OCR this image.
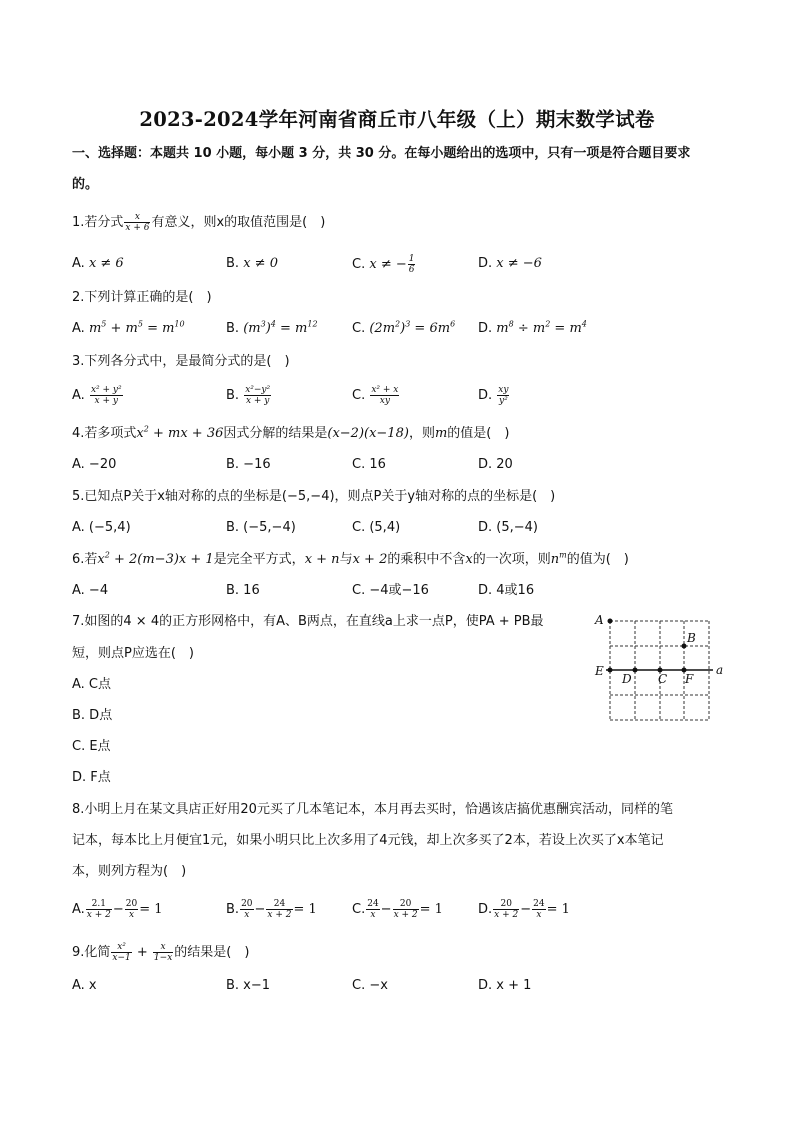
2023-2024学年河南省商丘市八年级（上）期末数学试卷
一、选择题：本题共 10 小题，每小题 3 分，共 30 分。在每小题给出的选项中，只有一项是符合题目要求
的。
1.若分式 $\frac{x}{x + 6}$ 有意义，则x的取值范围是(　)
A. x ≠ 6	B. x ≠ 0	C. x ≠ − $\frac{1}{6}$	D. x ≠ −6
2.下列计算正确的是(　)
A. $m^5 + m^5 = m^{10}$	B. $(m^3)^4 = m^{12}$	C. $(2m^2)^3 = 6m^6$ D. $m^8 \div m^2 = m^4$
3.下列各分式中，是最简分式的是(　)
A. $\frac{\text{x² + y²}}{x + y}$	B. $\frac{\text{x²−y²}}{x + y}$	C. $\frac{\text{x² + x}}{xy}$	D. $\frac{xy}{\text{y²}}$
4.若多项式$x^2$ + mx + 36因式分解的结果是(x−2)(x−18)，则m的值是(　)
A. −20	B. −16	C. 16	D. 20
5.已知点P关于x轴对称的点的坐标是(−5,−4)，则点P关于y轴对称的点的坐标是(　)
A. (−5,4)	B. (−5,−4)	C. (5,4)	D. (5,−4)
6.若$x^2 + 2(m-3)x + 1$是完全平方式，x + n与x + 2的乘积中不含x的一次项，则$n^m$的值为(　)
A. −4	B. 16	C. −4或−16	D. 4或16
7.如图的4 × 4的正方形网格中，有A、B两点，在直线a上求一点P，使PA + PB最
短，则点P应选在(　)
A. C点
B. D点
C. E点
D. F点
A
B
E
D C F
a
8.小明上月在某文具店正好用20元买了几本笔记本，本月再去买时，恰遇该店搞优惠酬宾活动，同样的笔
记本，每本比上月便宜1元，如果小明只比上次多用了4元钱，却上次多买了2本，若设上次买了x本笔记
本，则列方程为(　)
A. $\frac{2.1}{x + 2} - \frac{20}{x} = 1$	B. $\frac{20}{x} - \frac{24}{x + 2} = 1$	C. $\frac{24}{x} - \frac{20}{x + 2} = 1$	D. $\frac{20}{x + 2} - \frac{24}{x} = 1$
9.化简 $\frac{\text{x²}}{x-1} + \frac{x}{1-x}$ 的结果是(　)
A. x	B. x−1	C. −x	D. x + 1
